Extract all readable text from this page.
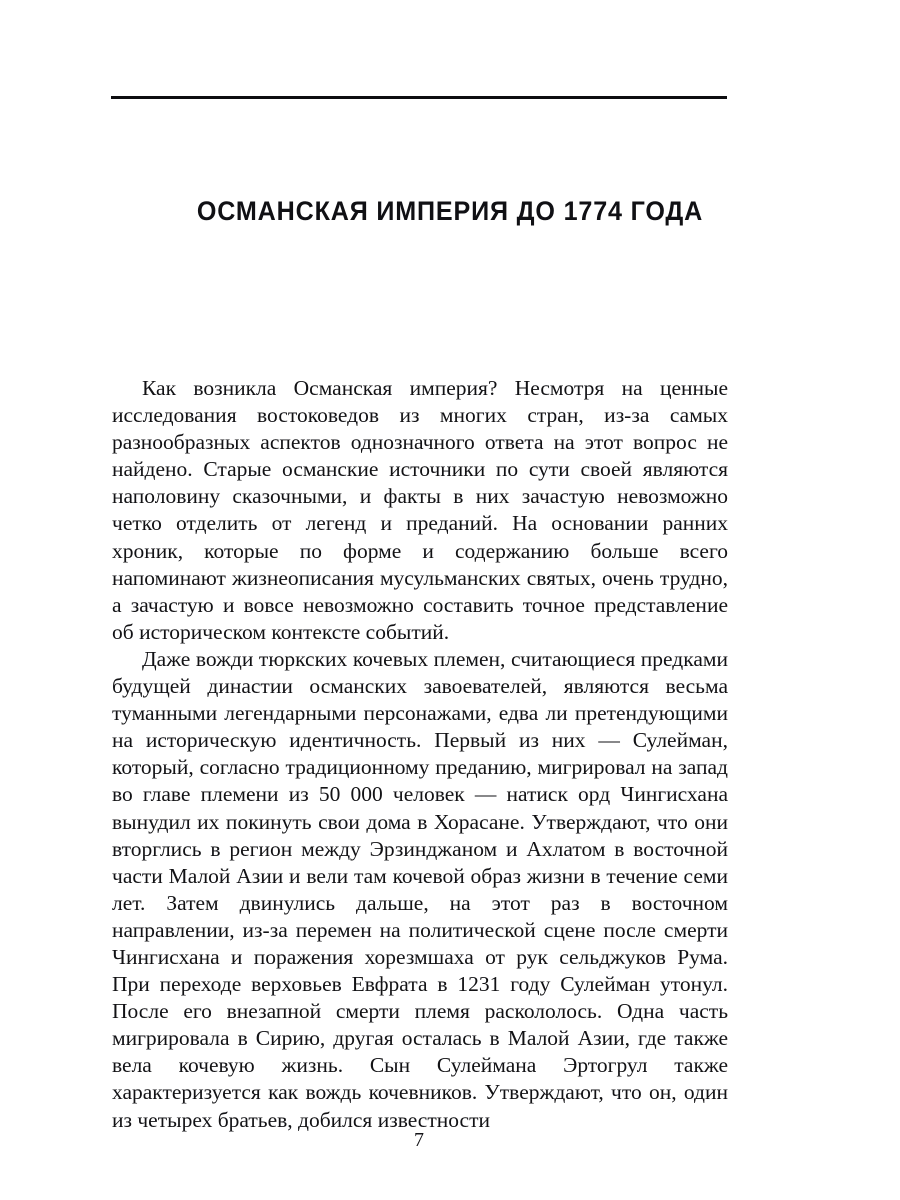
ОСМАНСКАЯ ИМПЕРИЯ ДО 1774 ГОДА

Как возникла Османская империя? Несмотря на ценные исследования востоковедов из многих стран, из-за самых разнообразных аспектов однозначного ответа на этот вопрос не найдено. Старые османские источники по сути своей являются наполовину сказочными, и факты в них зачастую невозможно четко отделить от легенд и преданий. На основании ранних хроник, которые по форме и содержанию больше всего напоминают жизнеописания мусульманских святых, очень трудно, а зачастую и вовсе невозможно составить точное представление об историческом контексте событий.

Даже вожди тюркских кочевых племен, считающиеся предками будущей династии османских завоевателей, являются весьма туманными легендарными персонажами, едва ли претендующими на историческую идентичность. Первый из них — Сулейман, который, согласно традиционному преданию, мигрировал на запад во главе племени из 50 000 человек — натиск орд Чингисхана вынудил их покинуть свои дома в Хорасане. Утверждают, что они вторглись в регион между Эрзинджаном и Ахлатом в восточной части Малой Азии и вели там кочевой образ жизни в течение семи лет. Затем двинулись дальше, на этот раз в восточном направлении, из-за перемен на политической сцене после смерти Чингисхана и поражения хорезмшаха от рук сельджуков Рума. При переходе верховьев Евфрата в 1231 году Сулейман утонул. После его внезапной смерти племя раскололось. Одна часть мигрировала в Сирию, другая осталась в Малой Азии, где также вела кочевую жизнь. Сын Сулеймана Эртогрул также характеризуется как вождь кочевников. Утверждают, что он, один из четырех братьев, добился известности

7
